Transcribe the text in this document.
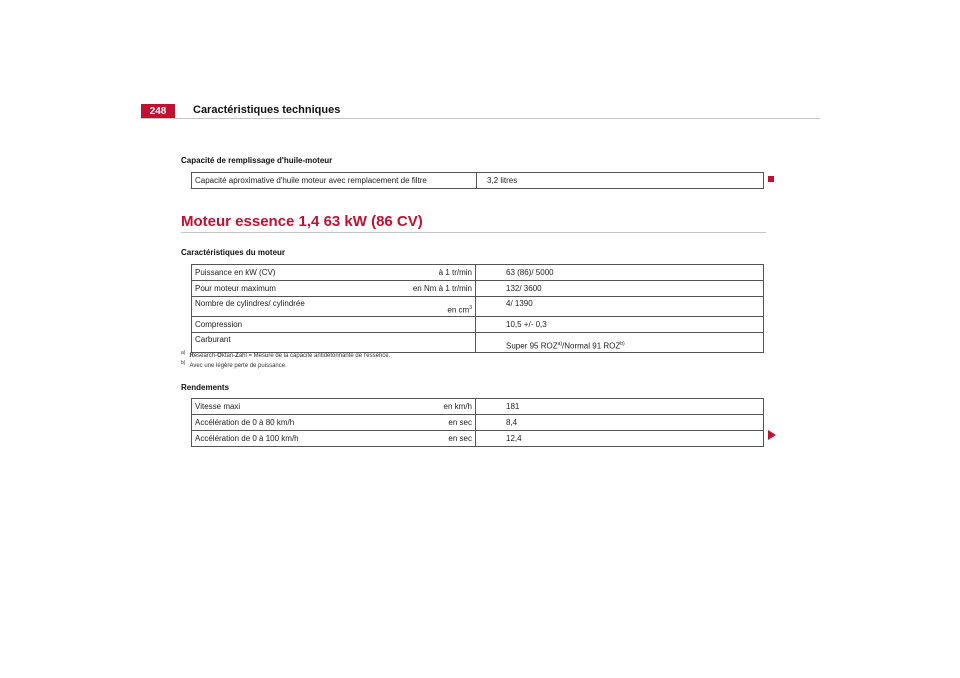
248	Caractéristiques techniques
Capacité de remplissage d'huile-moteur
Capacité aproximative d'huile moteur avec remplacement de filtre	3,2 litres
Moteur essence 1,4 63 kW (86 CV)
Caractéristiques du moteur
Puissance en kW (CV)	à 1 tr/min	63 (86)/ 5000
Pour moteur maximum	en Nm à 1 tr/min	132/ 3600
Nombre de cylindres/ cylindrée	en $cm^3$	4/ 1390
Compression		10,5 +/- 0,3
Carburant		Super 95 ROZ$^{a)}$/Normal 91 ROZ$^{b)}$
$^{a)}$ Research-Oktan-Zahl = Mesure de la capacité antidétonnante de l'essence.
$^{b)}$ Avec une légère perte de puissance.
Rendements
Vitesse maxi	en km/h	181
Accélération de 0 à 80 km/h	en sec	8,4
Accélération de 0 à 100 km/h	en sec	12,4
